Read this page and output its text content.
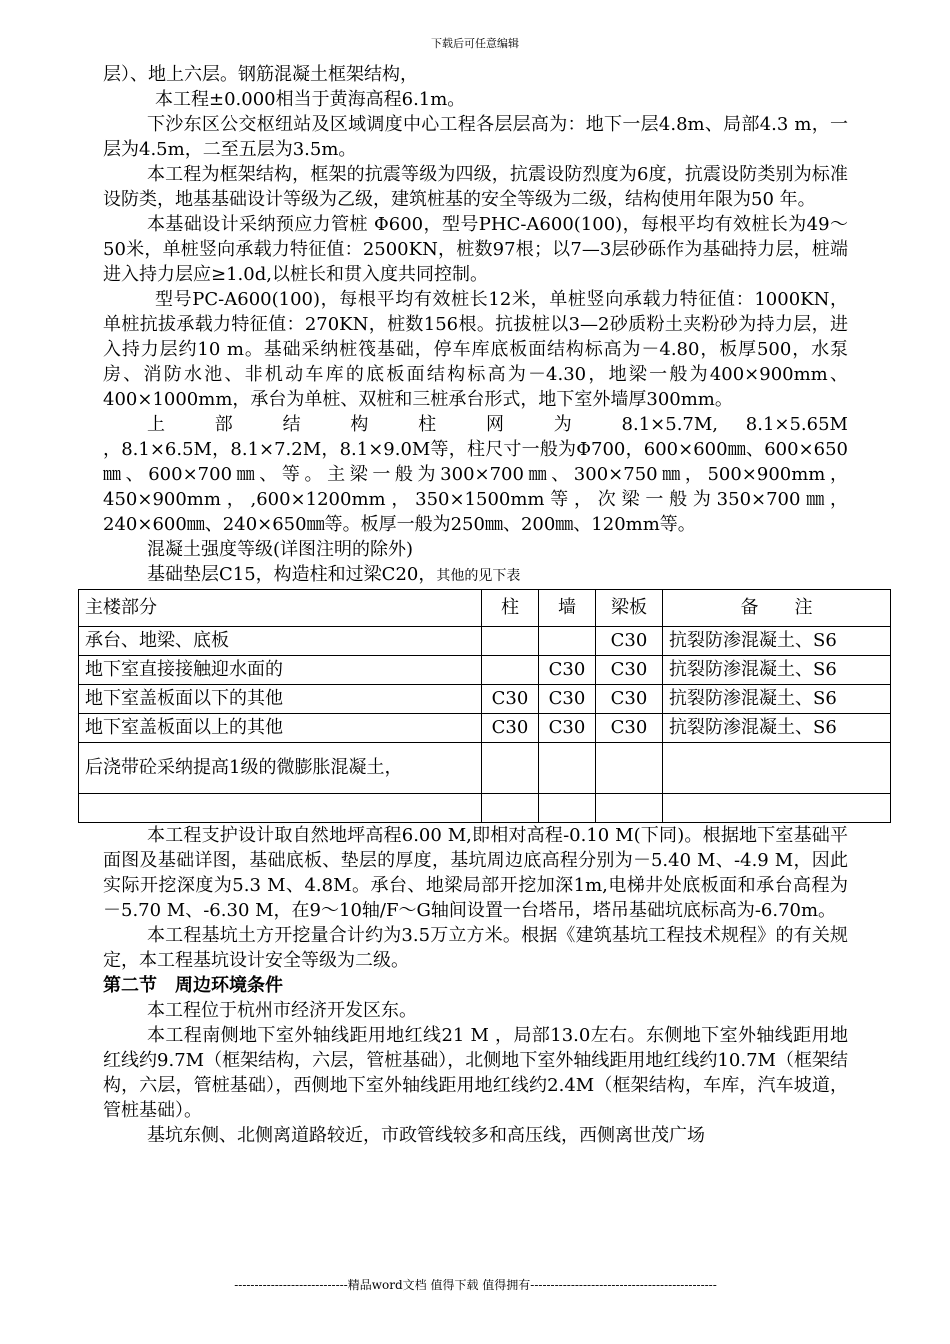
下载后可任意编辑

层）、地上六层。钢筋混凝土框架结构，

本工程±0.000相当于黄海高程6.1m。

下沙东区公交枢纽站及区域调度中心工程各层层高为：地下一层4.8m、局部4.3 m，一层为4.5m，二至五层为3.5m。

本工程为框架结构，框架的抗震等级为四级，抗震设防烈度为6度，抗震设防类别为标准设防类，地基基础设计等级为乙级，建筑桩基的安全等级为二级，结构使用年限为50 年。

本基础设计采纳预应力管桩 Φ600，型号PHC-A600(100)，每根平均有效桩长为49～50米，单桩竖向承载力特征值：2500KN，桩数97根；以7—3层砂砾作为基础持力层，桩端进入持力层应≥1.0d,以桩长和贯入度共同控制。

型号PC-A600(100)，每根平均有效桩长12米，单桩竖向承载力特征值：1000KN，单桩抗拔承载力特征值：270KN，桩数156根。抗拔桩以3—2砂质粉土夹粉砂为持力层，进入持力层约10 m。基础采纳桩筏基础，停车库底板面结构标高为－4.80，板厚500，水泵房、消防水池、非机动车库的底板面结构标高为－4.30，地梁一般为400×900mm、400×1000mm，承台为单桩、双桩和三桩承台形式，地下室外墙厚300mm。

上 部 结 构 柱 网 为 8.1×5.7M, 8.1×5.65M

，8.1×6.5M，8.1×7.2M，8.1×9.0M等，柱尺寸一般为Φ700，600×600㎜、600×650㎜、600×700㎜、等。主梁一般为300×700㎜、300×750㎜，500×900mm，450×900mm，,600×1200mm，350×1500mm等，次梁一般为350×700㎜，240×600㎜、240×650㎜等。板厚一般为250㎜、200㎜、120mm等。

混凝土强度等级(详图注明的除外)

基础垫层C15，构造柱和过梁C20，其他的见下表

主楼部分	柱	墙	梁板	备　　注
承台、地梁、底板			C30	抗裂防渗混凝土、S6
地下室直接接触迎水面的		C30	C30	抗裂防渗混凝土、S6
地下室盖板面以下的其他	C30	C30	C30	抗裂防渗混凝土、S6
地下室盖板面以上的其他	C30	C30	C30	抗裂防渗混凝土、S6
后浇带砼采纳提高1级的微膨胀混凝土，				

本工程支护设计取自然地坪高程6.00 M,即相对高程-0.10 M(下同)。根据地下室基础平面图及基础详图，基础底板、垫层的厚度，基坑周边底高程分别为－5.40 M、-4.9 M，因此实际开挖深度为5.3 M、4.8M。承台、地梁局部开挖加深1m,电梯井处底板面和承台高程为－5.70 M、-6.30 M，在9～10轴/F～G轴间设置一台塔吊，塔吊基础坑底标高为-6.70m。

本工程基坑土方开挖量合计约为3.5万立方米。根据《建筑基坑工程技术规程》的有关规定，本工程基坑设计安全等级为二级。

第二节　周边环境条件

本工程位于杭州市经济开发区东。

本工程南侧地下室外轴线距用地红线21 M ，局部13.0左右。东侧地下室外轴线距用地红线约9.7M（框架结构，六层，管桩基础），北侧地下室外轴线距用地红线约10.7M（框架结构，六层，管桩基础），西侧地下室外轴线距用地红线约2.4M（框架结构，车库，汽车坡道，管桩基础）。

基坑东侧、北侧离道路较近，市政管线较多和高压线，西侧离世茂广场

----------------------------精品word文档 值得下载 值得拥有----------------------------------------------
